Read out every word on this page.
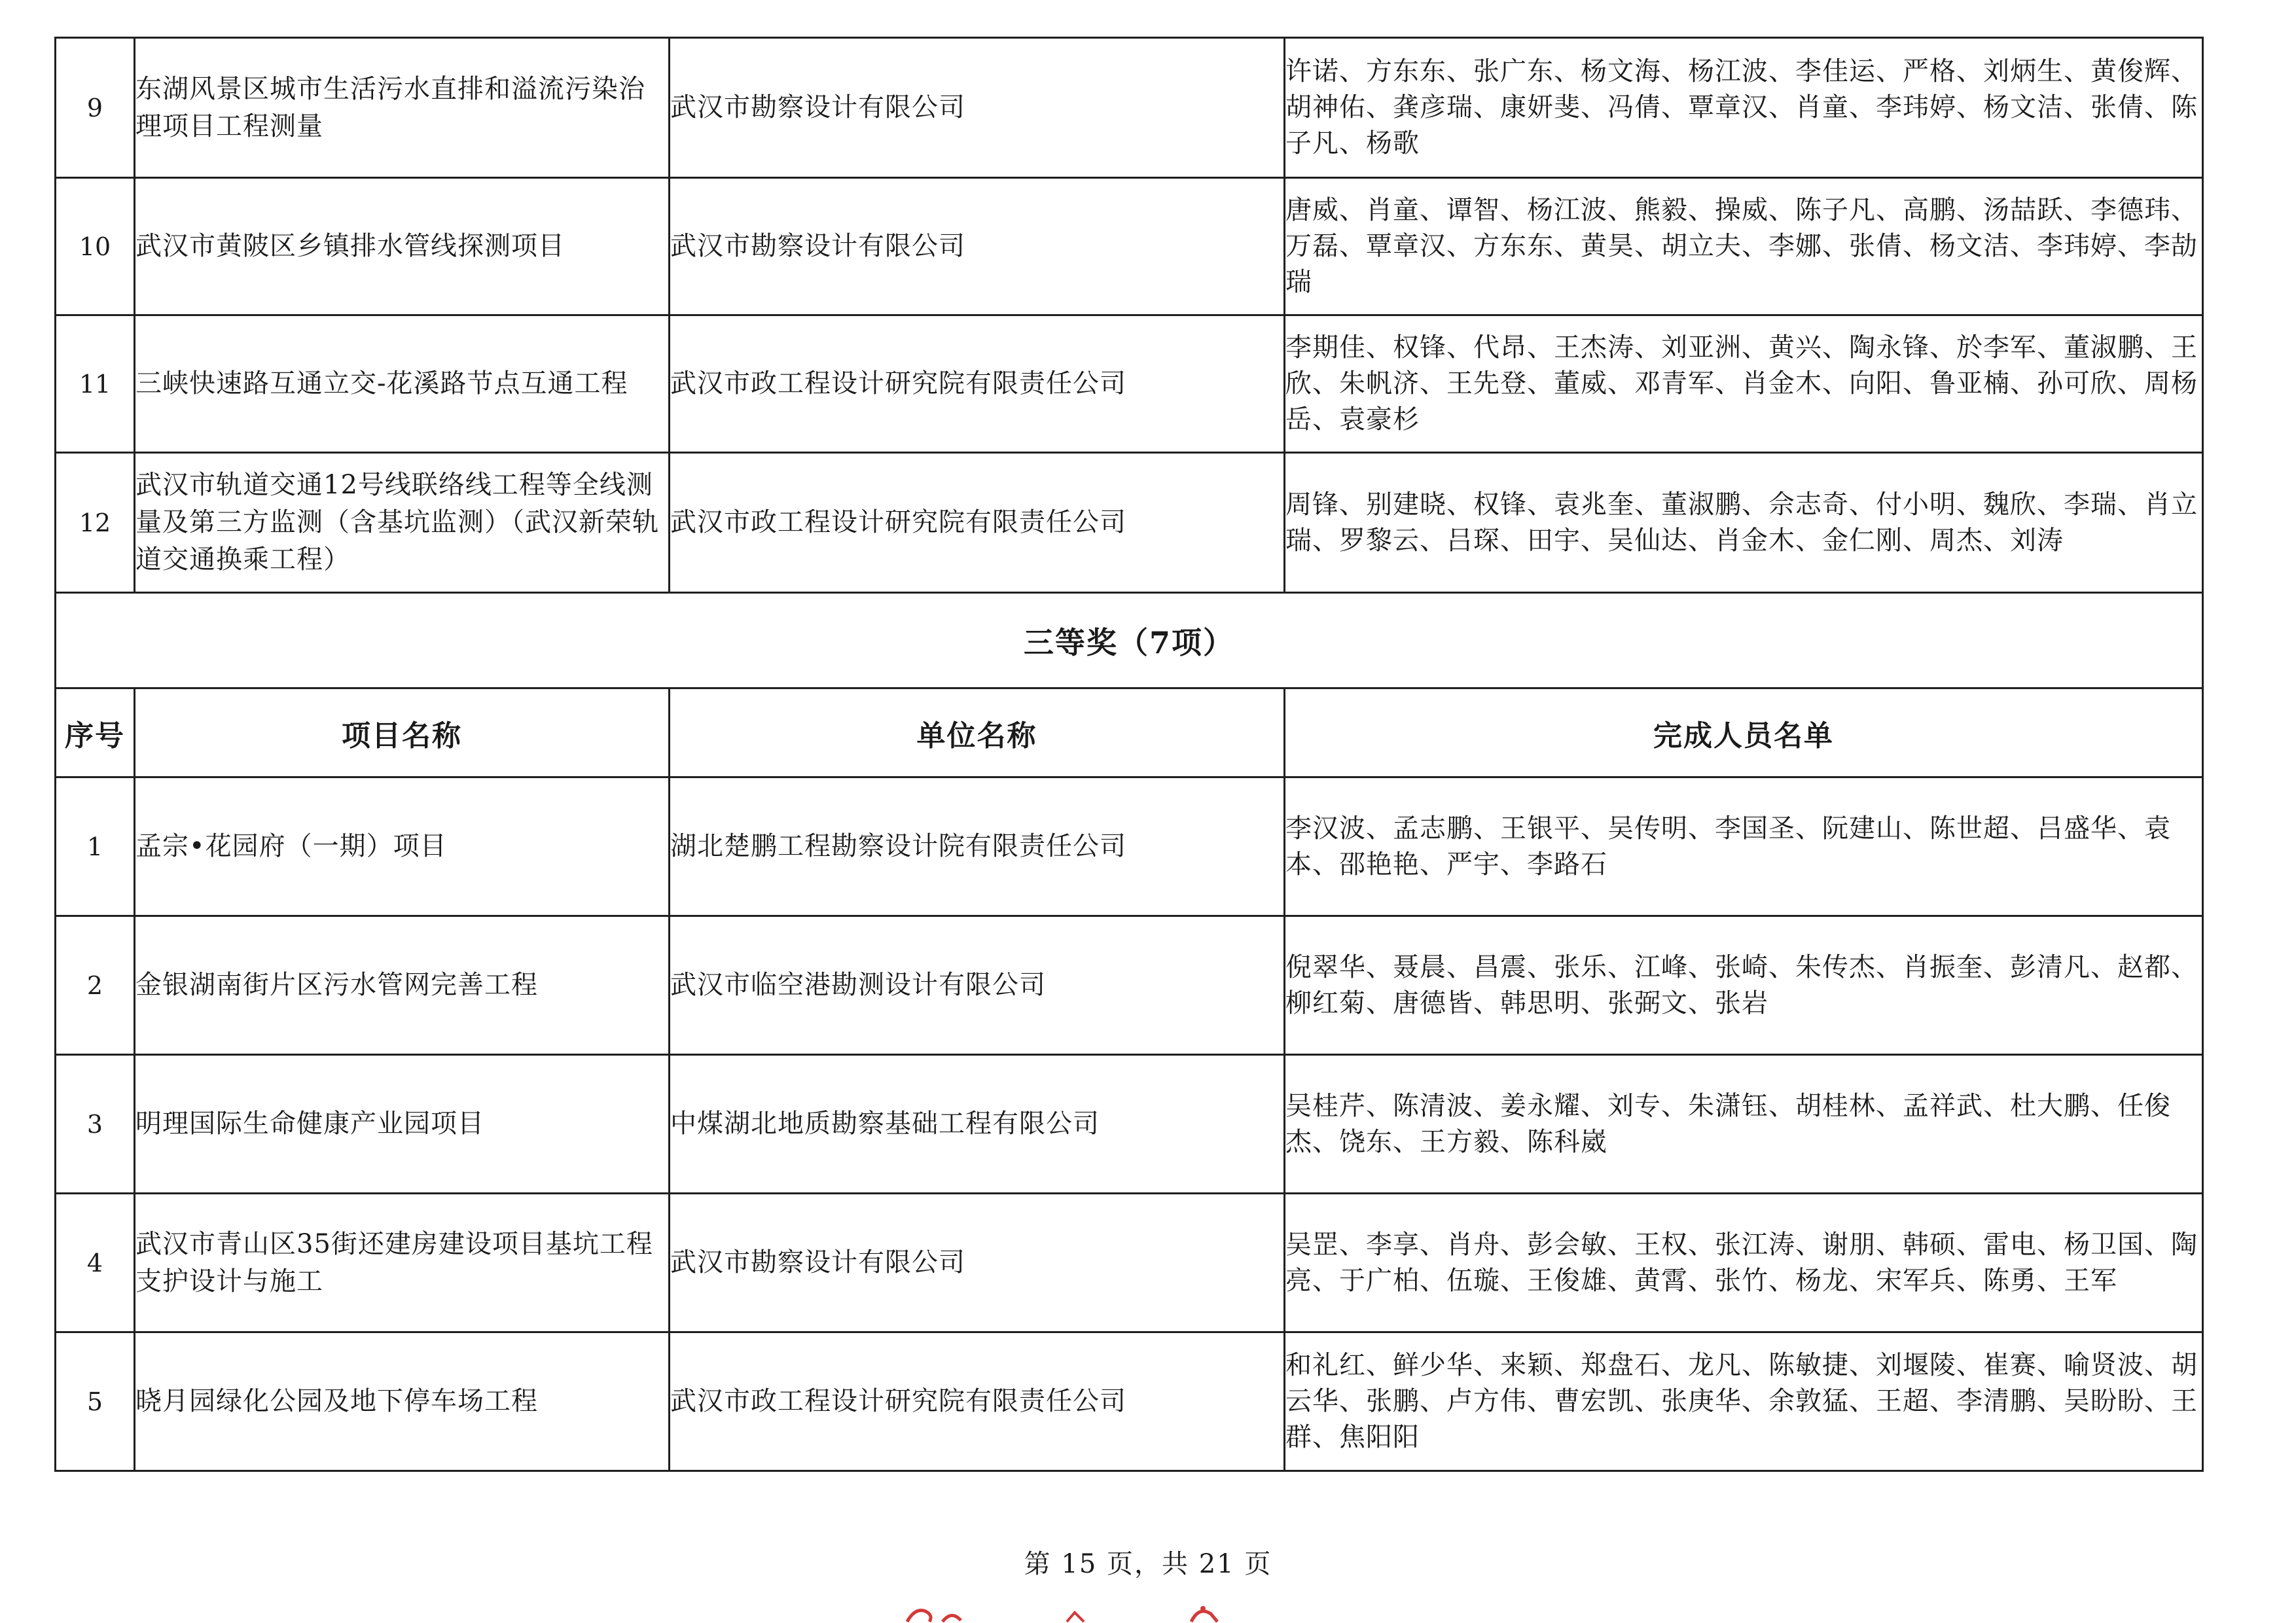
9	东湖风景区城市生活污水直排和溢流污染治理项目工程测量	武汉市勘察设计有限公司	许诺、方东东、张广东、杨文海、杨江波、李佳运、严格、刘炳生、黄俊辉、胡神佑、龚彦瑞、康妍斐、冯倩、覃章汉、肖童、李玮婷、杨文洁、张倩、陈子凡、杨歌
10	武汉市黄陂区乡镇排水管线探测项目	武汉市勘察设计有限公司	唐威、肖童、谭智、杨江波、熊毅、操威、陈子凡、高鹏、汤喆跃、李德玮、万磊、覃章汉、方东东、黄昊、胡立夫、李娜、张倩、杨文洁、李玮婷、李劼瑞
11	三峡快速路互通立交-花溪路节点互通工程	武汉市政工程设计研究院有限责任公司	李期佳、权锋、代昂、王杰涛、刘亚洲、黄兴、陶永锋、於李军、董淑鹏、王欣、朱帆济、王先登、董威、邓青军、肖金木、向阳、鲁亚楠、孙可欣、周杨岳、袁豪杉
12	武汉市轨道交通12号线联络线工程等全线测量及第三方监测（含基坑监测）（武汉新荣轨道交通换乘工程）	武汉市政工程设计研究院有限责任公司	周锋、别建晓、权锋、袁兆奎、董淑鹏、佘志奇、付小明、魏欣、李瑞、肖立瑞、罗黎云、吕琛、田宇、吴仙达、肖金木、金仁刚、周杰、刘涛
三等奖（7项）			
序号	项目名称	单位名称	完成人员名单
1	孟宗•花园府（一期）项目	湖北楚鹏工程勘察设计院有限责任公司	李汉波、孟志鹏、王银平、吴传明、李国圣、阮建山、陈世超、吕盛华、袁本、邵艳艳、严宇、李路石
2	金银湖南街片区污水管网完善工程	武汉市临空港勘测设计有限公司	倪翠华、聂晨、昌震、张乐、江峰、张崎、朱传杰、肖振奎、彭清凡、赵都、柳红菊、唐德皆、韩思明、张弼文、张岩
3	明理国际生命健康产业园项目	中煤湖北地质勘察基础工程有限公司	吴桂芹、陈清波、姜永耀、刘专、朱潇钰、胡桂林、孟祥武、杜大鹏、任俊杰、饶东、王方毅、陈科崴
4	武汉市青山区35街还建房建设项目基坑工程支护设计与施工	武汉市勘察设计有限公司	吴罡、李享、肖舟、彭会敏、王权、张江涛、谢朋、韩硕、雷电、杨卫国、陶亮、于广柏、伍璇、王俊雄、黄霄、张竹、杨龙、宋军兵、陈勇、王军
5	晓月园绿化公园及地下停车场工程	武汉市政工程设计研究院有限责任公司	和礼红、鲜少华、来颖、郑盘石、龙凡、陈敏捷、刘堰陵、崔赛、喻贤波、胡云华、张鹏、卢方伟、曹宏凯、张庚华、余敦猛、王超、李清鹏、吴盼盼、王群、焦阳阳
第 15 页，共 21 页
